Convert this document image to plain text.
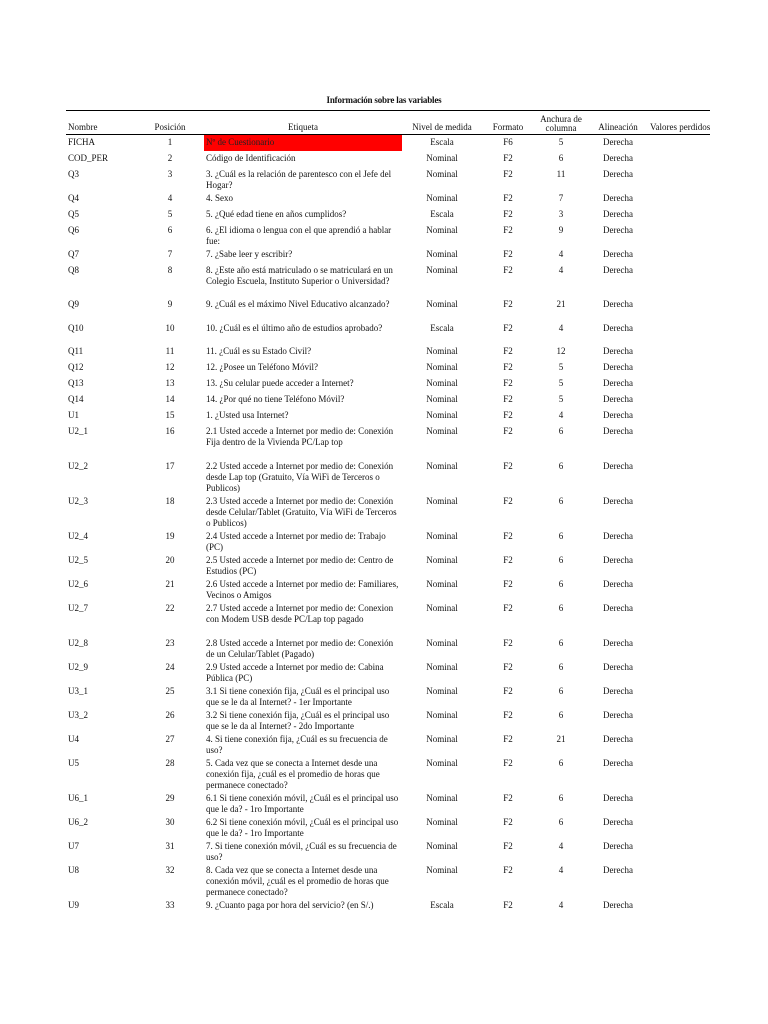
Información sobre las variables
Nombre	Posición	Etiqueta	Nivel de medida	Formato	Anchura de columna	Alineación	Valores perdidos
FICHA	1	Nº de Cuestionario	Escala	F6	5	Derecha	
COD_PER	2	Código de Identificación	Nominal	F2	6	Derecha	
Q3	3	3. ¿Cuál es la relación de parentesco con el Jefe del Hogar?	Nominal	F2	11	Derecha	
Q4	4	4. Sexo	Nominal	F2	7	Derecha	
Q5	5	5. ¿Qué edad tiene en años cumplidos?	Escala	F2	3	Derecha	
Q6	6	6. ¿El idioma o lengua con el que aprendió a hablar fue:	Nominal	F2	9	Derecha	
Q7	7	7. ¿Sabe leer y escribir?	Nominal	F2	4	Derecha	
Q8	8	8. ¿Este año está matriculado o se matriculará en un Colegio Escuela, Instituto Superior o Universidad?	Nominal	F2	4	Derecha	
Q9	9	9. ¿Cuál es el máximo Nivel Educativo alcanzado?	Nominal	F2	21	Derecha	
Q10	10	10. ¿Cuál es el último año de estudios aprobado?	Escala	F2	4	Derecha	
Q11	11	11. ¿Cuál es su Estado Civil?	Nominal	F2	12	Derecha	
Q12	12	12. ¿Posee un Teléfono Móvil?	Nominal	F2	5	Derecha	
Q13	13	13. ¿Su celular puede acceder a Internet?	Nominal	F2	5	Derecha	
Q14	14	14. ¿Por qué no tiene Teléfono Móvil?	Nominal	F2	5	Derecha	
U1	15	1. ¿Usted usa Internet?	Nominal	F2	4	Derecha	
U2_1	16	2.1 Usted accede a Internet por medio de: Conexión Fija dentro de la Vivienda PC/Lap top	Nominal	F2	6	Derecha	
U2_2	17	2.2 Usted accede a Internet por medio de: Conexión desde Lap top (Gratuito, Vía WiFi de Terceros o Publicos)	Nominal	F2	6	Derecha	
U2_3	18	2.3 Usted accede a Internet por medio de: Conexión desde Celular/Tablet (Gratuito, Vía WiFi de Terceros o Publicos)	Nominal	F2	6	Derecha	
U2_4	19	2.4 Usted accede a Internet por medio de: Trabajo (PC)	Nominal	F2	6	Derecha	
U2_5	20	2.5 Usted accede a Internet por medio de: Centro de Estudios (PC)	Nominal	F2	6	Derecha	
U2_6	21	2.6 Usted accede a Internet por medio de: Familiares, Vecinos o Amigos	Nominal	F2	6	Derecha	
U2_7	22	2.7 Usted accede a Internet por medio de: Conexion con Modem USB desde PC/Lap top pagado	Nominal	F2	6	Derecha	
U2_8	23	2.8 Usted accede a Internet por medio de: Conexión de un Celular/Tablet (Pagado)	Nominal	F2	6	Derecha	
U2_9	24	2.9 Usted accede a Internet por medio de: Cabina Pública (PC)	Nominal	F2	6	Derecha	
U3_1	25	3.1 Si tiene conexión fija, ¿Cuál es el principal uso que se le da al Internet? - 1er Importante	Nominal	F2	6	Derecha	
U3_2	26	3.2 Si tiene conexión fija, ¿Cuál es el principal uso que se le da al Internet? - 2do Importante	Nominal	F2	6	Derecha	
U4	27	4. Si tiene conexión fija, ¿Cuál es su frecuencia de uso?	Nominal	F2	21	Derecha	
U5	28	5. Cada vez que se conecta a Internet desde una conexión fija, ¿cuál es el promedio de horas que permanece conectado?	Nominal	F2	6	Derecha	
U6_1	29	6.1 Si tiene conexión móvil, ¿Cuál es el principal uso que le da? - 1ro Importante	Nominal	F2	6	Derecha	
U6_2	30	6.2 Si tiene conexión móvil, ¿Cuál es el principal uso que le da? - 1ro Importante	Nominal	F2	6	Derecha	
U7	31	7. Si tiene conexión móvil, ¿Cuál es su frecuencia de uso?	Nominal	F2	4	Derecha	
U8	32	8. Cada vez que se conecta a Internet desde una conexión móvil, ¿cuál es el promedio de horas que permanece conectado?	Nominal	F2	4	Derecha	
U9	33	9. ¿Cuanto paga por hora del servicio? (en S/.)	Escala	F2	4	Derecha	
